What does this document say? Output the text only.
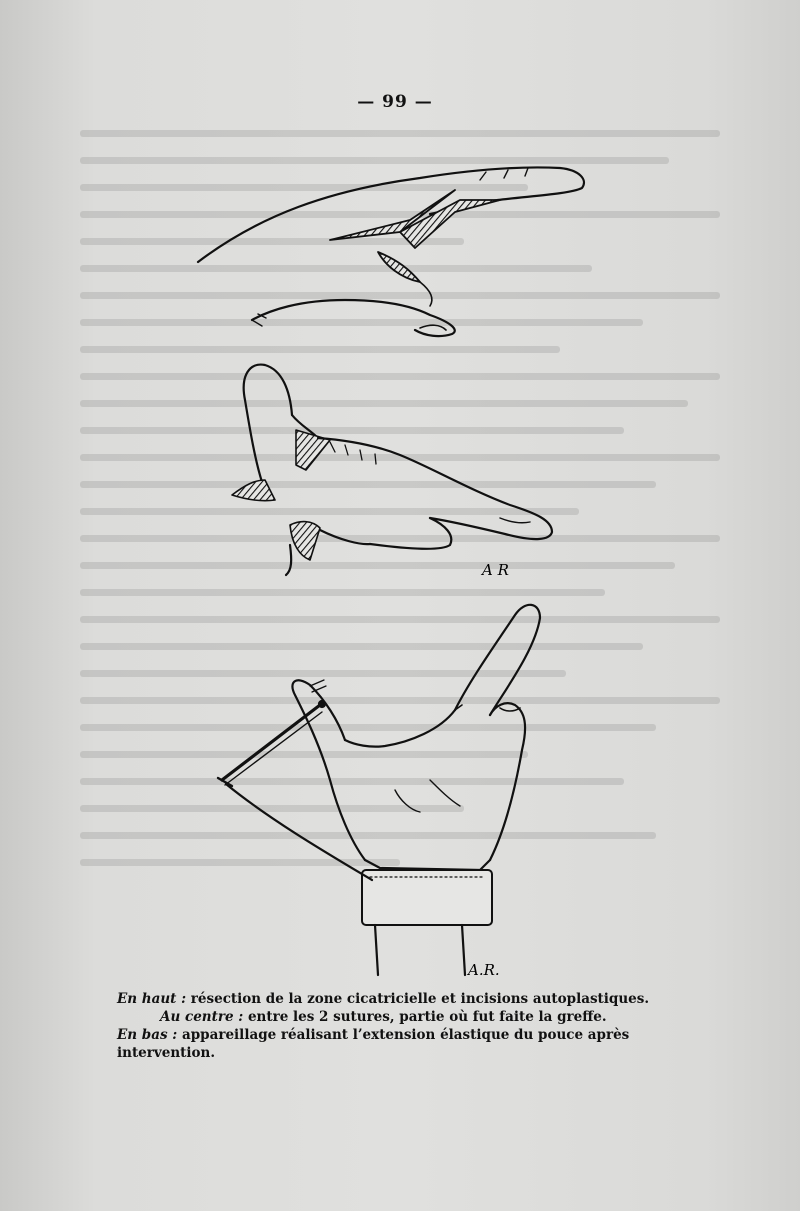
— 99 —
A R
A.R.
En haut : résection de la zone cicatricielle et incisions autoplastiques.
Au centre : entre les 2 sutures, partie où fut faite la greffe.
En bas : appareillage réalisant l’extension élastique du pouce après intervention.
